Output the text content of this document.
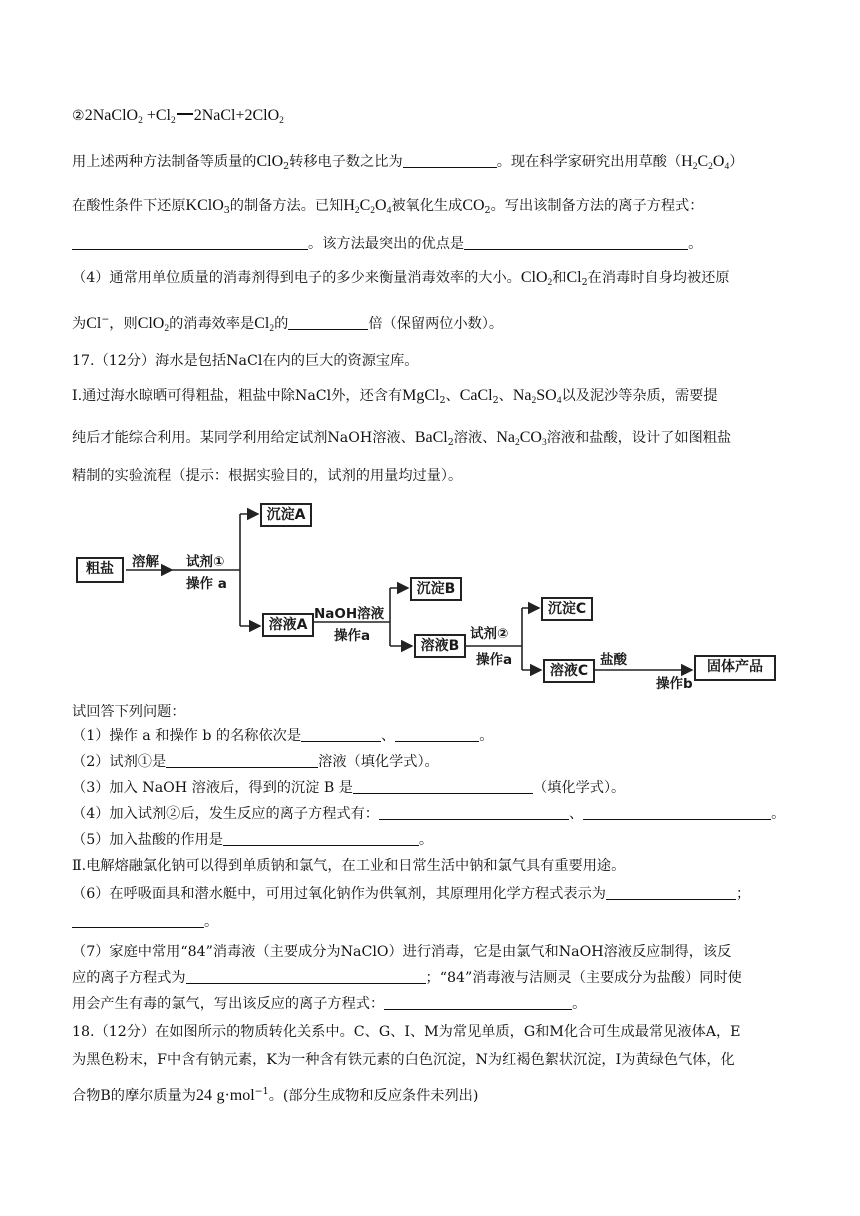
②2NaClO$_2$ $+Cl_2$ 2NaCl+2ClO$_2$
用上述两种方法制备等质量的ClO$_2$转移电子数之比为	。现在科学家研究出用草酸$(H_2C_2O_4)$
在酸性条件下还原KClO$_3$的制备方法。已知$H_2C_2O_4$被氧化生成$CO_2$。写出该制备方法的离子方程式：
。该方法最突出的优点是	。
（4）通常用单位质量的消毒剂得到电子的多少来衡量消毒效率的大小。ClO$_2$和$Cl_2$在消毒时自身均被还原
为Cl−，则ClO$_2$的消毒效率是$Cl_2$的	倍（保留两位小数）。
17.（12分）海水是包括NaCl在内的巨大的资源宝库。
Ⅰ.通过海水晾晒可得粗盐，粗盐中除NaCl外，还含有MgCl$_2$、CaCl$_2$、$Na_2SO_4$以及泥沙等杂质，需要提
纯后才能综合利用。某同学利用给定试剂NaOH溶液、BaCl$_2$溶液、$Na_2CO_3$溶液和盐酸，设计了如图粗盐
精制的实验流程（提示：根据实验目的，试剂的用量均过量）。
粗盐	溶解 试剂①
操作 a
沉淀A
溶液A
NaOH溶液
操作a
沉淀B
溶液B
试剂②
操作a
沉淀C
溶液C
盐酸
操作b
固体产品
试回答下列问题：
（1）操作 a 和操作 b 的名称依次是	、	。
（2）试剂①是	溶液（填化学式）。
（3）加入 NaOH 溶液后，得到的沉淀 B 是	（填化学式）。
（4）加入试剂②后，发生反应的离子方程式有：	、	。
（5）加入盐酸的作用是	。
Ⅱ.电解熔融氯化钠可以得到单质钠和氯气，在工业和日常生活中钠和氯气具有重要用途。
（6）在呼吸面具和潜水艇中，可用过氧化钠作为供氧剂，其原理用化学方程式表示为	；
。
（7）家庭中常用“84”消毒液（主要成分为NaClO）进行消毒，它是由氯气和NaOH溶液反应制得，该反
应的离子方程式为	；“84”消毒液与洁厕灵（主要成分为盐酸）同时使
用会产生有毒的氯气，写出该反应的离子方程式：	。
18.（12分）在如图所示的物质转化关系中。C、G、I、M为常见单质，G和M化合可生成最常见液体A，E
为黑色粉末，F中含有钠元素，K为一种含有铁元素的白色沉淀，N为红褐色絮状沉淀，I为黄绿色气体，化
合物B的摩尔质量为24 g·mol$^{-1}$。(部分生成物和反应条件未列出)
